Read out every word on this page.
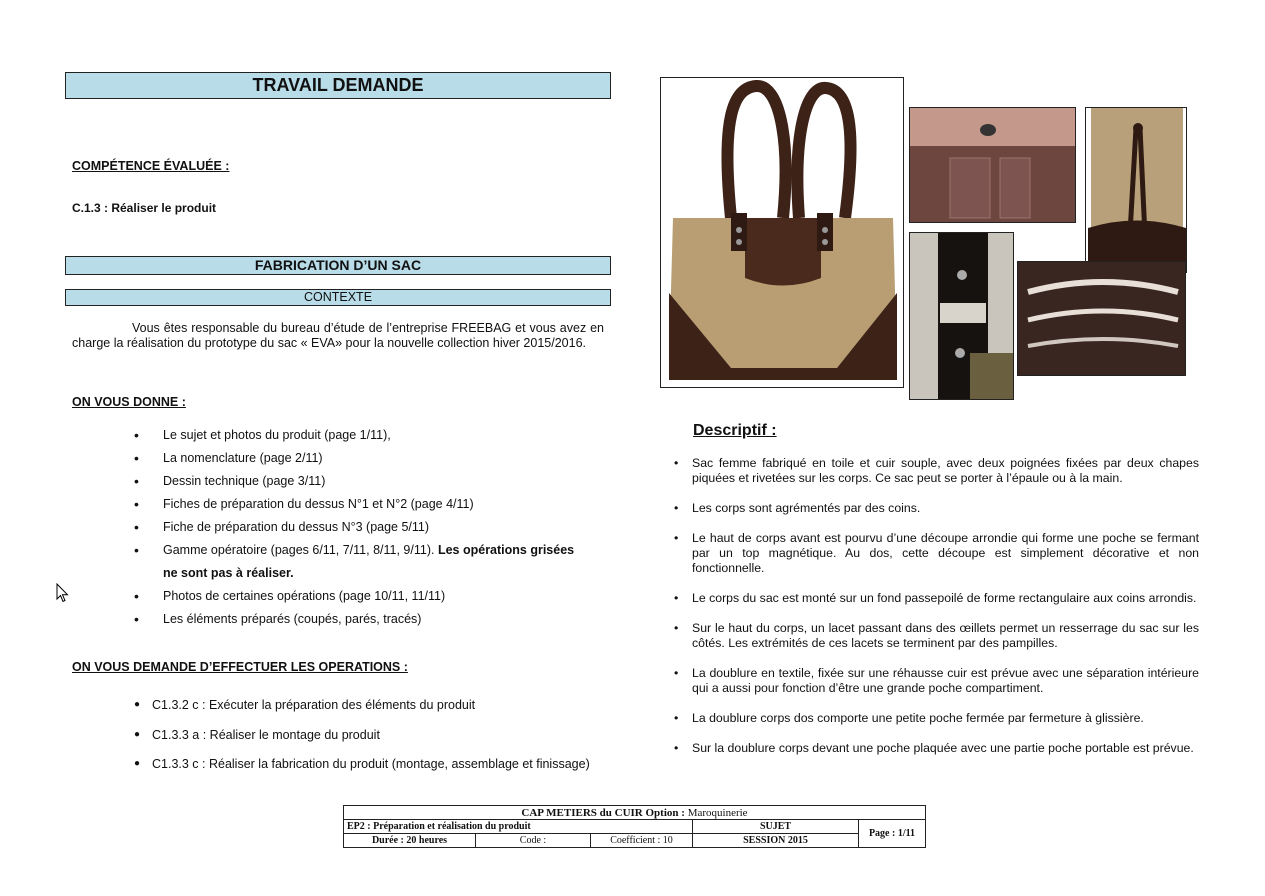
TRAVAIL DEMANDE
COMPÉTENCE ÉVALUÉE :
C.1.3 : Réaliser le produit
FABRICATION D’UN SAC
CONTEXTE
Vous êtes responsable du bureau d’étude de l’entreprise FREEBAG et vous avez en charge la réalisation du prototype du sac « EVA» pour la nouvelle collection hiver 2015/2016.
ON VOUS DONNE :
• Le sujet et photos du produit (page 1/11),
• La nomenclature (page 2/11)
• Dessin technique (page 3/11)
• Fiches de préparation du dessus N°1 et N°2 (page 4/11)
• Fiche de préparation du dessus N°3 (page 5/11)
• Gamme opératoire (pages 6/11, 7/11, 8/11, 9/11). Les opérations grisées ne sont pas à réaliser.
• Photos de certaines opérations (page 10/11, 11/11)
• Les éléments préparés (coupés, parés, tracés)
ON VOUS DEMANDE D’EFFECTUER LES OPERATIONS :
● C1.3.2 c : Exécuter la préparation des éléments du produit
● C1.3.3 a : Réaliser le montage du produit
● C1.3.3 c : Réaliser la fabrication du produit (montage, assemblage et finissage)
Descriptif :
• Sac femme fabriqué en toile et cuir souple, avec deux poignées fixées par deux chapes piquées et rivetées sur les corps. Ce sac peut se porter à l’épaule ou à la main.
• Les corps sont agrémentés par des coins.
• Le haut de corps avant est pourvu d’une découpe arrondie qui forme une poche se fermant par un top magnétique. Au dos, cette découpe est simplement décorative et non fonctionnelle.
• Le corps du sac est monté sur un fond passepoilé de forme rectangulaire aux coins arrondis.
• Sur le haut du corps, un lacet passant dans des œillets permet un resserrage du sac sur les côtés. Les extrémités de ces lacets se terminent par des pampilles.
• La doublure en textile, fixée sur une réhausse cuir est prévue avec une séparation intérieure qui a aussi pour fonction d’être une grande poche compartiment.
• La doublure corps dos comporte une petite poche fermée par fermeture à glissière.
• Sur la doublure corps devant une poche plaquée avec une partie poche portable est prévue.
CAP METIERS du CUIR Option : Maroquinerie				
EP2 : Préparation et réalisation du produit			SUJET	Page : 1/11
Durée : 20 heures	Code :	Coefficient : 10	SESSION 2015	
